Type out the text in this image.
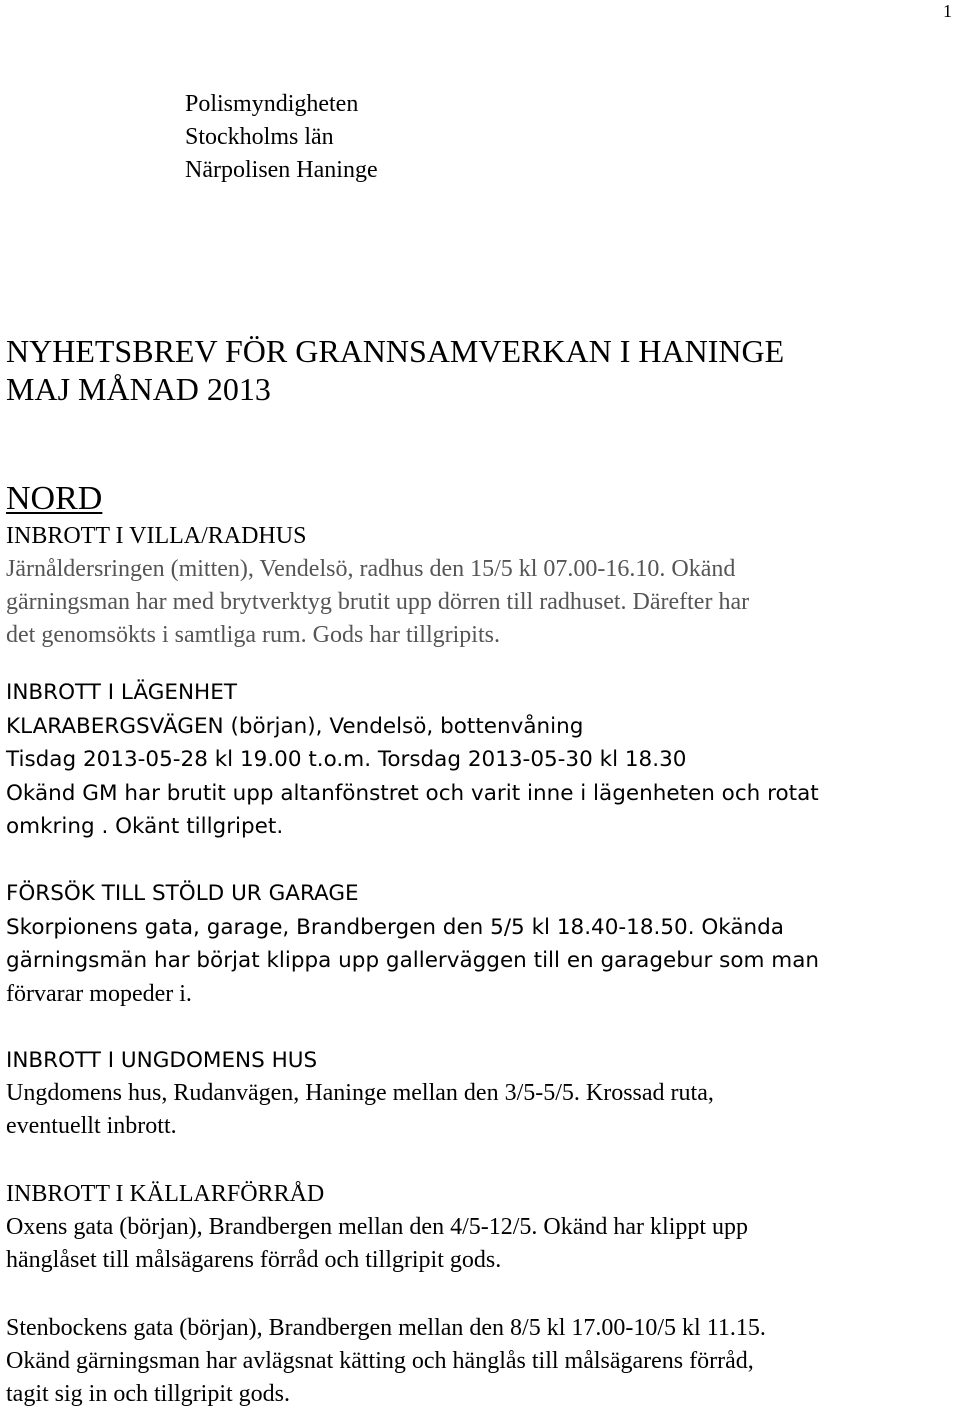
1
Polismyndigheten
Stockholms län
Närpolisen Haninge
NYHETSBREV FÖR GRANNSAMVERKAN I HANINGE
MAJ MÅNAD 2013
NORD
INBROTT I VILLA/RADHUS
Järnåldersringen (mitten), Vendelsö, radhus den 15/5 kl 07.00-16.10. Okänd
gärningsman har med brytverktyg brutit upp dörren till radhuset. Därefter har
det genomsökts i samtliga rum. Gods har tillgripits.
INBROTT I LÄGENHET
KLARABERGSVÄGEN (början), Vendelsö, bottenvåning
Tisdag 2013-05-28 kl 19.00 t.o.m. Torsdag 2013-05-30 kl 18.30
Okänd GM har brutit upp altanfönstret och varit inne i lägenheten och rotat
omkring . Okänt tillgripet.
FÖRSÖK TILL STÖLD UR GARAGE
Skorpionens gata, garage, Brandbergen den 5/5 kl 18.40-18.50. Okända
gärningsmän har börjat klippa upp gallerväggen till en garagebur som man
förvarar mopeder i.
INBROTT I UNGDOMENS HUS
Ungdomens hus, Rudanvägen, Haninge mellan den 3/5-5/5. Krossad ruta,
eventuellt inbrott.
INBROTT I KÄLLARFÖRRÅD
Oxens gata (början), Brandbergen mellan den 4/5-12/5. Okänd har klippt upp
hänglåset till målsägarens förråd och tillgripit gods.
Stenbockens gata (början), Brandbergen mellan den 8/5 kl 17.00-10/5 kl 11.15.
Okänd gärningsman har avlägsnat kätting och hänglås till målsägarens förråd,
tagit sig in och tillgripit gods.
